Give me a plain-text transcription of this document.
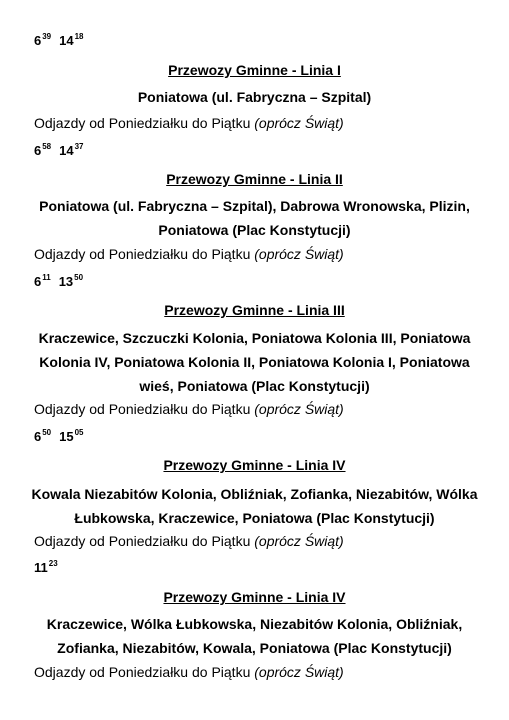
$6^{39}$ $14^{18}$
Przewozy Gminne - Linia I
Poniatowa (ul. Fabryczna – Szpital)
Odjazdy od Poniedziałku do Piątku (oprócz Świąt)
$6^{58}$ $14^{37}$
Przewozy Gminne - Linia II
Poniatowa (ul. Fabryczna – Szpital), Dabrowa Wronowska, Plizin, Poniatowa (Plac Konstytucji)
Odjazdy od Poniedziałku do Piątku (oprócz Świąt)
$6^{11}$ $13^{50}$
Przewozy Gminne - Linia III
Kraczewice, Szczuczki Kolonia, Poniatowa Kolonia III, Poniatowa Kolonia IV, Poniatowa Kolonia II, Poniatowa Kolonia I, Poniatowa wieś, Poniatowa (Plac Konstytucji)
Odjazdy od Poniedziałku do Piątku (oprócz Świąt)
$6^{50}$ $15^{05}$
Przewozy Gminne - Linia IV
Kowala Niezabitów Kolonia, Obliźniak, Zofianka, Niezabitów, Wólka Łubkowska, Kraczewice, Poniatowa (Plac Konstytucji)
Odjazdy od Poniedziałku do Piątku (oprócz Świąt)
$11^{23}$
Przewozy Gminne - Linia IV
Kraczewice, Wólka Łubkowska, Niezabitów Kolonia, Obliźniak, Zofianka, Niezabitów, Kowala, Poniatowa (Plac Konstytucji)
Odjazdy od Poniedziałku do Piątku (oprócz Świąt)
